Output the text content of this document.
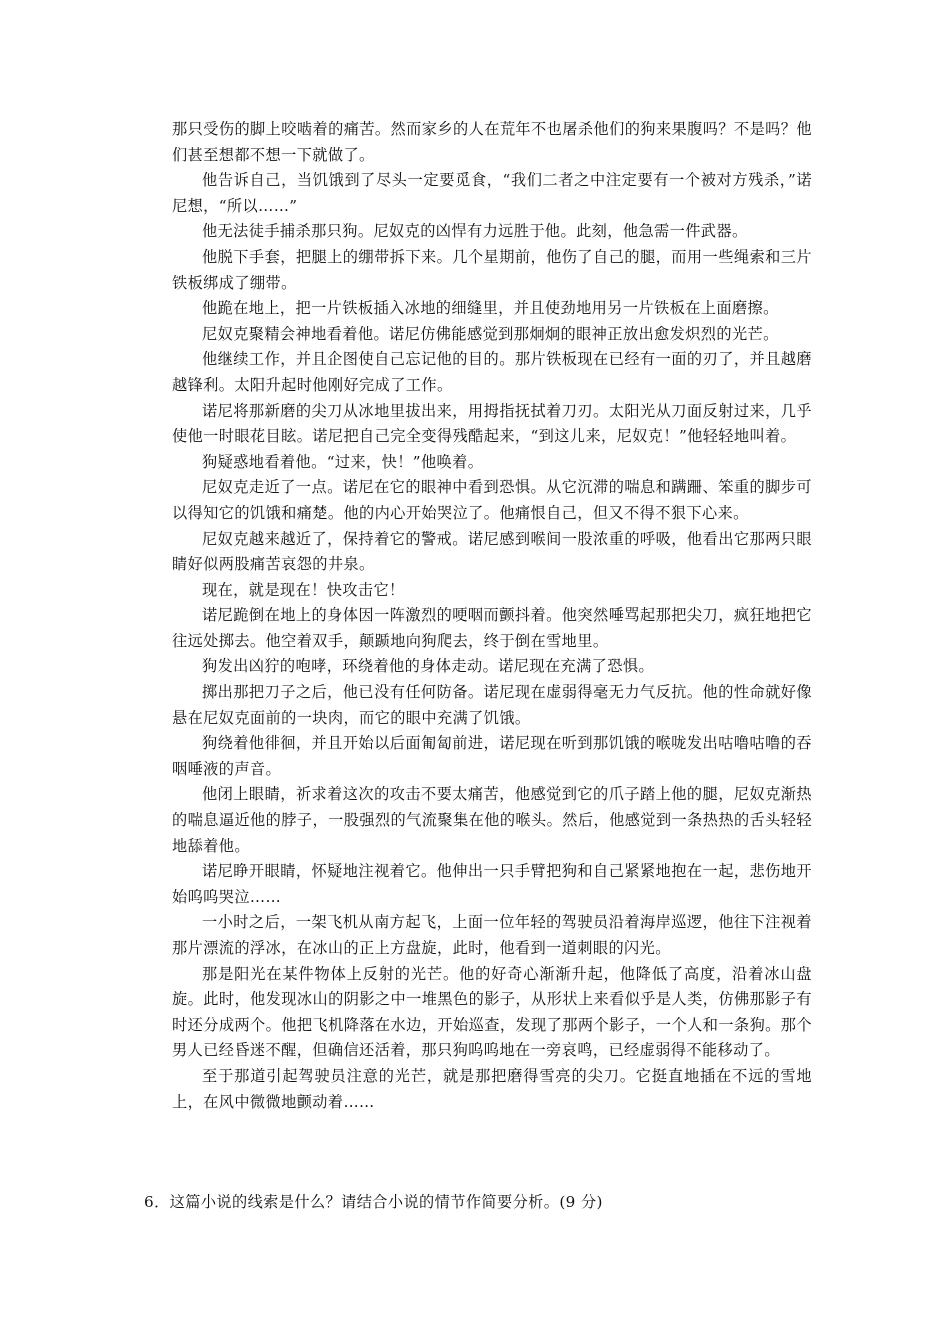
那只受伤的脚上咬啮着的痛苦。然而家乡的人在荒年不也屠杀他们的狗来果腹吗？不是吗？他们甚至想都不想一下就做了。

他告诉自己，当饥饿到了尽头一定要觅食，“我们二者之中注定要有一个被对方残杀，”诺尼想，“所以……”

他无法徒手捕杀那只狗。尼奴克的凶悍有力远胜于他。此刻，他急需一件武器。

他脱下手套，把腿上的绷带拆下来。几个星期前，他伤了自己的腿，而用一些绳索和三片铁板绑成了绷带。

他跪在地上，把一片铁板插入冰地的细缝里，并且使劲地用另一片铁板在上面磨擦。

尼奴克聚精会神地看着他。诺尼仿佛能感觉到那炯炯的眼神正放出愈发炽烈的光芒。

他继续工作，并且企图使自己忘记他的目的。那片铁板现在已经有一面的刃了，并且越磨越锋利。太阳升起时他刚好完成了工作。

诺尼将那新磨的尖刀从冰地里拔出来，用拇指抚拭着刀刃。太阳光从刀面反射过来，几乎使他一时眼花目眩。诺尼把自己完全变得残酷起来，“到这儿来，尼奴克！”他轻轻地叫着。

狗疑惑地看着他。“过来，快！”他唤着。

尼奴克走近了一点。诺尼在它的眼神中看到恐惧。从它沉滞的喘息和蹒跚、笨重的脚步可以得知它的饥饿和痛楚。他的内心开始哭泣了。他痛恨自己，但又不得不狠下心来。

尼奴克越来越近了，保持着它的警戒。诺尼感到喉间一股浓重的呼吸，他看出它那两只眼睛好似两股痛苦哀怨的井泉。

现在，就是现在！快攻击它！

诺尼跪倒在地上的身体因一阵激烈的哽咽而颤抖着。他突然唾骂起那把尖刀，疯狂地把它往远处掷去。他空着双手，颠踬地向狗爬去，终于倒在雪地里。

狗发出凶狞的咆哮，环绕着他的身体走动。诺尼现在充满了恐惧。

掷出那把刀子之后，他已没有任何防备。诺尼现在虚弱得毫无力气反抗。他的性命就好像悬在尼奴克面前的一块肉，而它的眼中充满了饥饿。

狗绕着他徘徊，并且开始以后面匍匐前进，诺尼现在听到那饥饿的喉咙发出咕噜咕噜的吞咽唾液的声音。

他闭上眼睛，祈求着这次的攻击不要太痛苦，他感觉到它的爪子踏上他的腿，尼奴克渐热的喘息逼近他的脖子，一股强烈的气流聚集在他的喉头。然后，他感觉到一条热热的舌头轻轻地舔着他。

诺尼睁开眼睛，怀疑地注视着它。他伸出一只手臂把狗和自己紧紧地抱在一起，悲伤地开始呜呜哭泣……

一小时之后，一架飞机从南方起飞，上面一位年轻的驾驶员沿着海岸巡逻，他往下注视着那片漂流的浮冰，在冰山的正上方盘旋，此时，他看到一道刺眼的闪光。

那是阳光在某件物体上反射的光芒。他的好奇心渐渐升起，他降低了高度，沿着冰山盘旋。此时，他发现冰山的阴影之中一堆黑色的影子，从形状上来看似乎是人类，仿佛那影子有时还分成两个。他把飞机降落在水边，开始巡查，发现了那两个影子，一个人和一条狗。那个男人已经昏迷不醒，但确信还活着，那只狗呜呜地在一旁哀鸣，已经虚弱得不能移动了。

至于那道引起驾驶员注意的光芒，就是那把磨得雪亮的尖刀。它挺直地插在不远的雪地上，在风中微微地颤动着……

6．这篇小说的线索是什么？请结合小说的情节作简要分析。(9 分)
